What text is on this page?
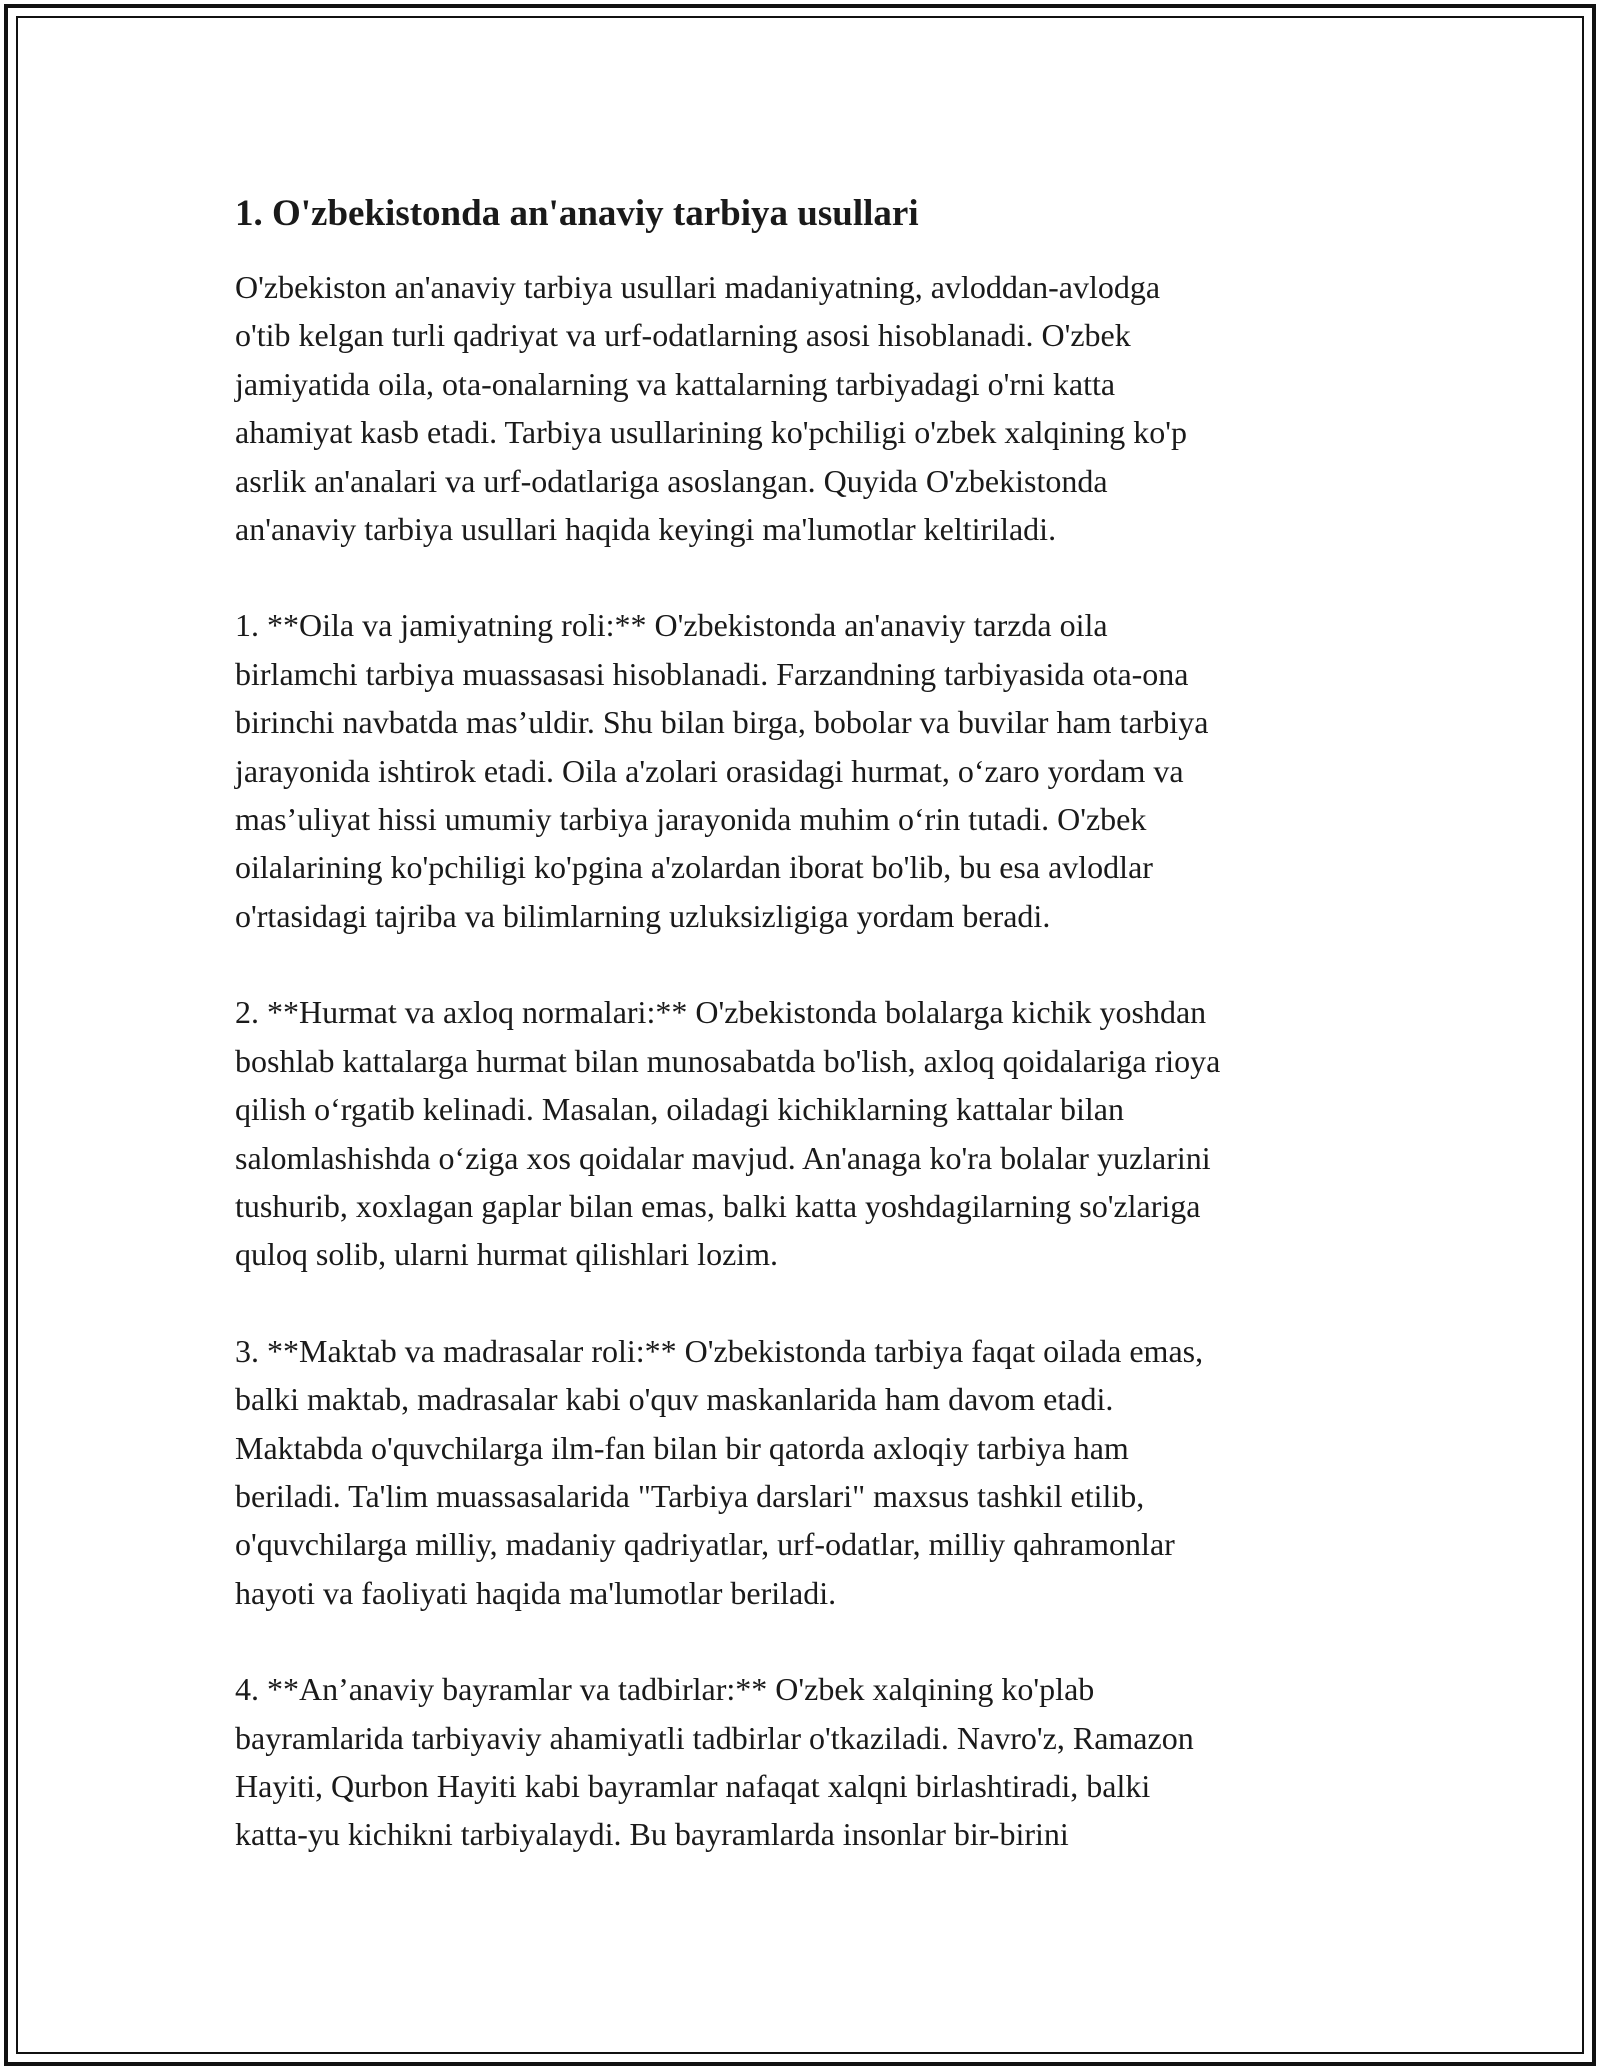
1. O'zbekistonda an'anaviy tarbiya usullari

O'zbekiston an'anaviy tarbiya usullari madaniyatning, avloddan-avlodga
o'tib kelgan turli qadriyat va urf-odatlarning asosi hisoblanadi. O'zbek
jamiyatida oila, ota-onalarning va kattalarning tarbiyadagi o'rni katta
ahamiyat kasb etadi. Tarbiya usullarining ko'pchiligi o'zbek xalqining ko'p
asrlik an'analari va urf-odatlariga asoslangan. Quyida O'zbekistonda
an'anaviy tarbiya usullari haqida keyingi ma'lumotlar keltiriladi.

1. **Oila va jamiyatning roli:** O'zbekistonda an'anaviy tarzda oila
birlamchi tarbiya muassasasi hisoblanadi. Farzandning tarbiyasida ota-ona
birinchi navbatda mas’uldir. Shu bilan birga, bobolar va buvilar ham tarbiya
jarayonida ishtirok etadi. Oila a'zolari orasidagi hurmat, o‘zaro yordam va
mas’uliyat hissi umumiy tarbiya jarayonida muhim o‘rin tutadi. O'zbek
oilalarining ko'pchiligi ko'pgina a'zolardan iborat bo'lib, bu esa avlodlar
o'rtasidagi tajriba va bilimlarning uzluksizligiga yordam beradi.

2. **Hurmat va axloq normalari:** O'zbekistonda bolalarga kichik yoshdan
boshlab kattalarga hurmat bilan munosabatda bo'lish, axloq qoidalariga rioya
qilish o‘rgatib kelinadi. Masalan, oiladagi kichiklarning kattalar bilan
salomlashishda o‘ziga xos qoidalar mavjud. An'anaga ko'ra bolalar yuzlarini
tushurib, xoxlagan gaplar bilan emas, balki katta yoshdagilarning so'zlariga
quloq solib, ularni hurmat qilishlari lozim.

3. **Maktab va madrasalar roli:** O'zbekistonda tarbiya faqat oilada emas,
balki maktab, madrasalar kabi o'quv maskanlarida ham davom etadi.
Maktabda o'quvchilarga ilm-fan bilan bir qatorda axloqiy tarbiya ham
beriladi. Ta'lim muassasalarida "Tarbiya darslari" maxsus tashkil etilib,
o'quvchilarga milliy, madaniy qadriyatlar, urf-odatlar, milliy qahramonlar
hayoti va faoliyati haqida ma'lumotlar beriladi.

4. **An’anaviy bayramlar va tadbirlar:** O'zbek xalqining ko'plab
bayramlarida tarbiyaviy ahamiyatli tadbirlar o'tkaziladi. Navro'z, Ramazon
Hayiti, Qurbon Hayiti kabi bayramlar nafaqat xalqni birlashtiradi, balki
katta-yu kichikni tarbiyalaydi. Bu bayramlarda insonlar bir-birini
